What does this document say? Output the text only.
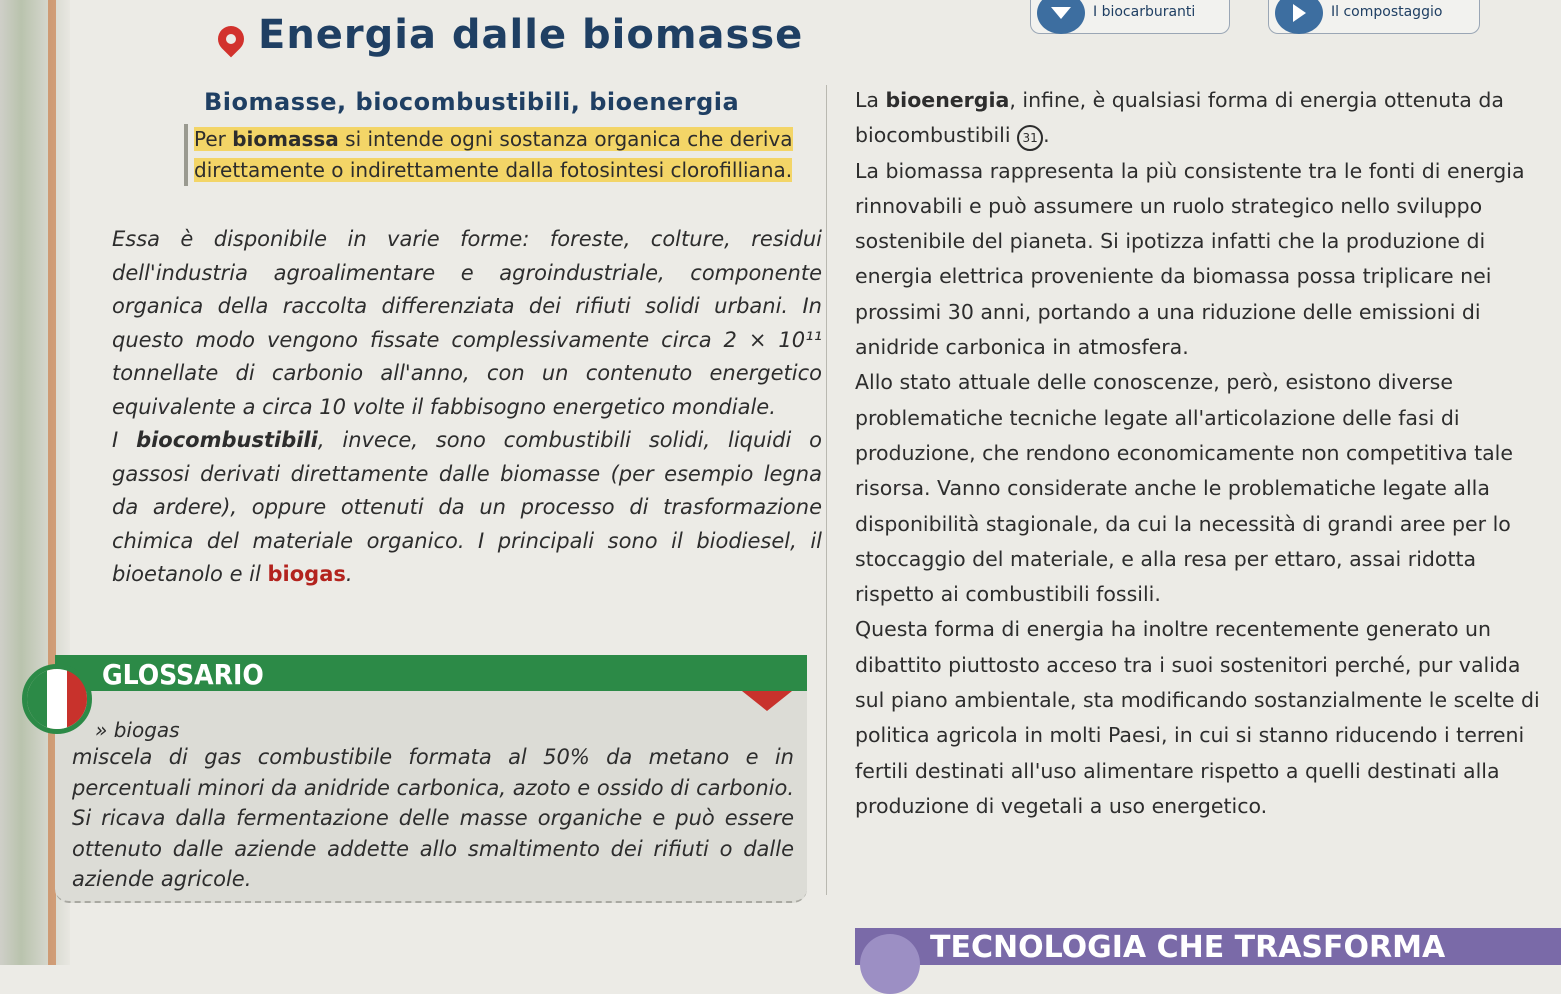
Energia dalle biomasse	I biocarburanti	Il compostaggio
Biomasse, biocombustibili, bioenergia
Per biomassa si intende ogni sostanza organica che deriva direttamente o indirettamente dalla fotosintesi clorofilliana.

Essa è disponibile in varie forme: foreste, colture, residui dell'industria agroalimentare e agroindustriale, componente organica della raccolta differenziata dei rifiuti solidi urbani. In questo modo vengono fissate complessivamente circa 2 × 10¹¹ tonnellate di carbonio all'anno, con un contenuto energetico equivalente a circa 10 volte il fabbisogno energetico mondiale.

I biocombustibili, invece, sono combustibili solidi, liquidi o gassosi derivati direttamente dalle biomasse (per esempio legna da ardere), oppure ottenuti da un processo di trasformazione chimica del materiale organico. I principali sono il biodiesel, il bioetanolo e il biogas.

GLOSSARIO
» biogas
miscela di gas combustibile formata al 50% da metano e in percentuali minori da anidride carbonica, azoto e ossido di carbonio. Si ricava dalla fermentazione delle masse organiche e può essere ottenuto dalle aziende addette allo smaltimento dei rifiuti o dalle aziende agricole.

La bioenergia, infine, è qualsiasi forma di energia ottenuta da biocombustibili 31 .

La biomassa rappresenta la più consistente tra le fonti di energia rinnovabili e può assumere un ruolo strategico nello sviluppo sostenibile del pianeta. Si ipotizza infatti che la produzione di energia elettrica proveniente da biomassa possa triplicare nei prossimi 30 anni, portando a una riduzione delle emissioni di anidride carbonica in atmosfera.

Allo stato attuale delle conoscenze, però, esistono diverse problematiche tecniche legate all'articolazione delle fasi di produzione, che rendono economicamente non competitiva tale risorsa. Vanno considerate anche le problematiche legate alla disponibilità stagionale, da cui la necessità di grandi aree per lo stoccaggio del materiale, e alla resa per ettaro, assai ridotta rispetto ai combustibili fossili.

Questa forma di energia ha inoltre recentemente generato un dibattito piuttosto acceso tra i suoi sostenitori perché, pur valida sul piano ambientale, sta modificando sostanzialmente le scelte di politica agricola in molti Paesi, in cui si stanno riducendo i terreni fertili destinati all'uso alimentare rispetto a quelli destinati alla produzione di vegetali a uso energetico.

TECNOLOGIA CHE TRASFORMA
